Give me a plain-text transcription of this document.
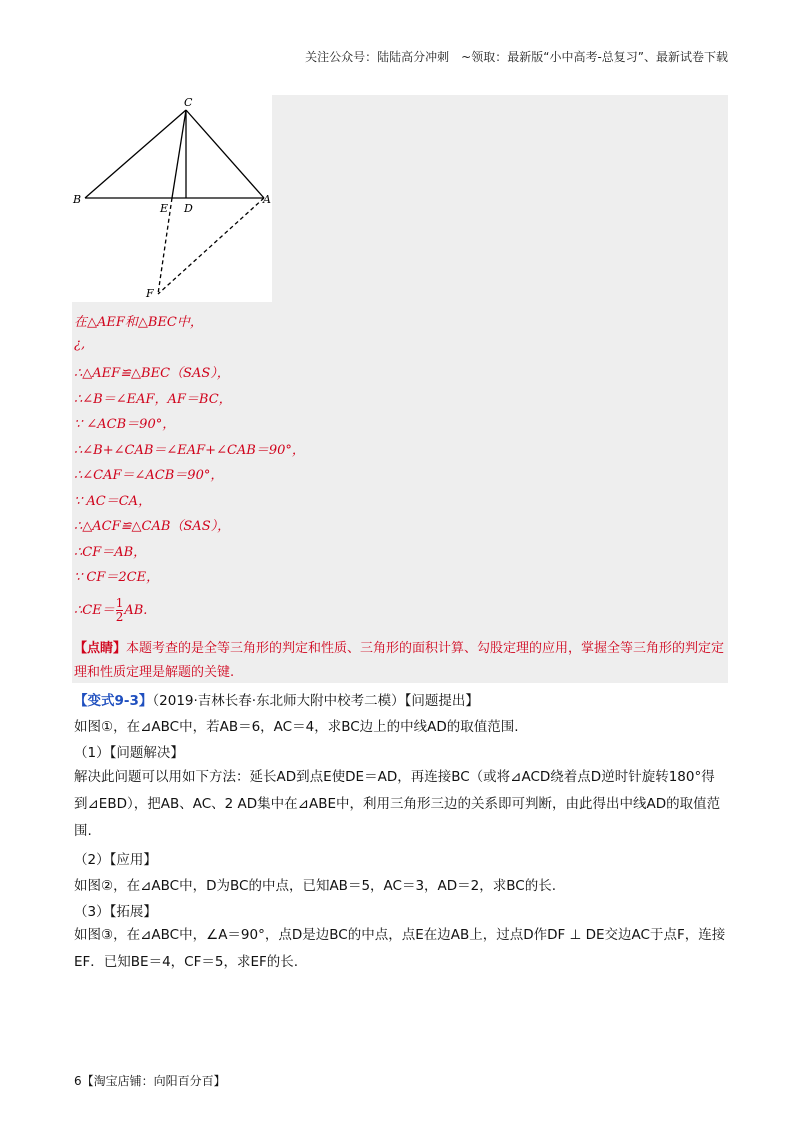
关注公众号：陆陆高分冲刺　~领取：最新版“小中高考-总复习”、最新试卷下载
C
B
E D
A
F
在△AEF和△BEC中，
¿,
∴△AEF≌△BEC（SAS），
∴∠B＝∠EAF，AF＝BC，
∵ ∠ACB＝90°，
∴∠B+∠CAB＝∠EAF+∠CAB＝90°，
∴∠CAF＝∠ACB＝90°，
∵ AC＝CA，
∴△ACF≌△CAB（SAS），
∴CF＝AB，
∵ CF＝2CE，
∴CE＝ $\frac{1}{2}$ AB.
【点睛】本题考查的是全等三角形的判定和性质、三角形的面积计算、勾股定理的应用，掌握全等三角形的判定定理和性质定理是解题的关键.
【变式9-3】（2019·吉林长春·东北师大附中校考二模）【问题提出】
如图①，在⊿ABC中，若AB＝6，AC＝4，求BC边上的中线AD的取值范围.
（1）【问题解决】
解决此问题可以用如下方法：延长AD到点E使DE＝AD，再连接BC（或将⊿ACD绕着点D逆时针旋转180°得到⊿EBD），把AB、AC、2 AD集中在⊿ABE中，利用三角形三边的关系即可判断，由此得出中线AD的取值范围.
（2）【应用】
如图②，在⊿ABC中，D为BC的中点，已知AB＝5，AC＝3，AD＝2，求BC的长.
（3）【拓展】
如图③，在⊿ABC中，∠A＝90°，点D是边BC的中点，点E在边AB上，过点D作DF ⊥ DE交边AC于点F，连接EF．已知BE＝4，CF＝5，求EF的长.
6【淘宝店铺：向阳百分百】
